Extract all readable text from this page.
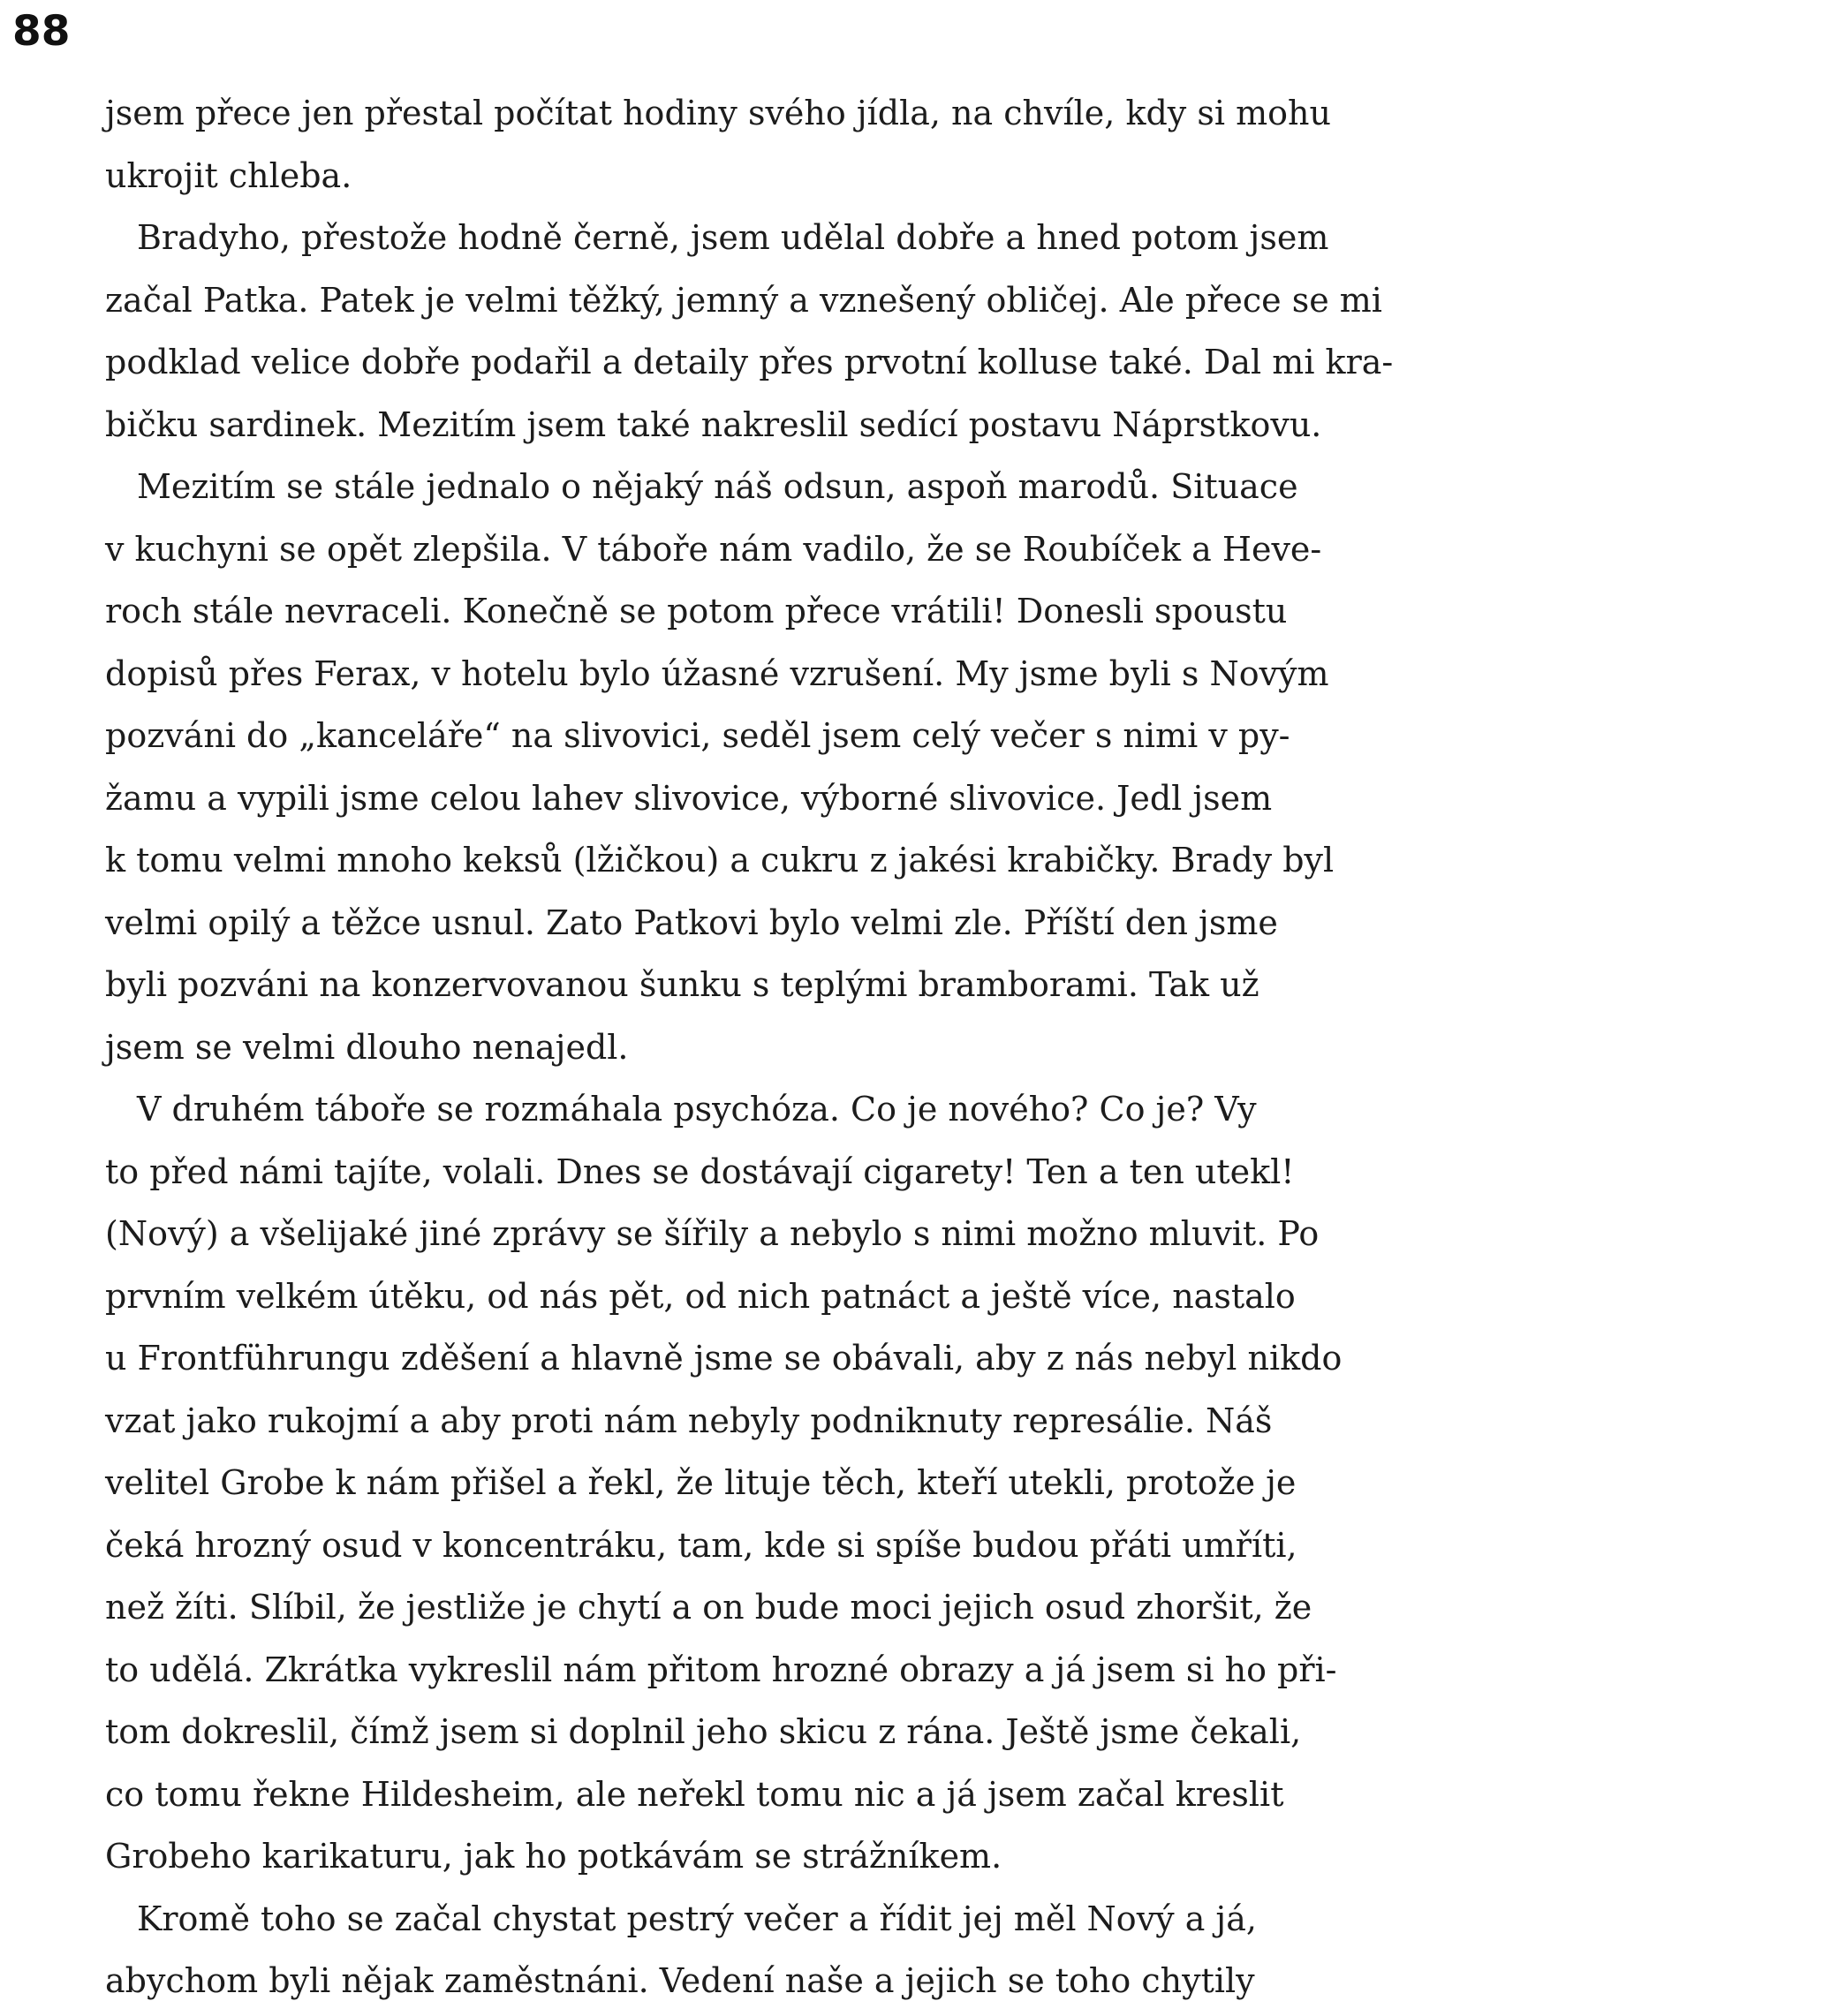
88
jsem přece jen přestal počítat hodiny svého jídla, na chvíle, kdy si mohu
ukrojit chleba.
Bradyho, přestože hodně černě, jsem udělal dobře a hned potom jsem
začal Patka. Patek je velmi těžký, jemný a vznešený obličej. Ale přece se mi
podklad velice dobře podařil a detaily přes prvotní kolluse také. Dal mi kra-
bičku sardinek. Mezitím jsem také nakreslil sedící postavu Náprstkovu.
Mezitím se stále jednalo o nějaký náš odsun, aspoň marodů. Situace
v kuchyni se opět zlepšila. V táboře nám vadilo, že se Roubíček a Heve-
roch stále nevraceli. Konečně se potom přece vrátili! Donesli spoustu
dopisů přes Ferax, v hotelu bylo úžasné vzrušení. My jsme byli s Novým
pozváni do „kanceláře“ na slivovici, seděl jsem celý večer s nimi v py-
žamu a vypili jsme celou lahev slivovice, výborné slivovice. Jedl jsem
k tomu velmi mnoho keksů (lžičkou) a cukru z jakési krabičky. Brady byl
velmi opilý a těžce usnul. Zato Patkovi bylo velmi zle. Příští den jsme
byli pozváni na konzervovanou šunku s teplými bramborami. Tak už
jsem se velmi dlouho nenajedl.
V druhém táboře se rozmáhala psychóza. Co je nového? Co je? Vy
to před námi tajíte, volali. Dnes se dostávají cigarety! Ten a ten utekl!
(Nový) a všelijaké jiné zprávy se šířily a nebylo s nimi možno mluvit. Po
prvním velkém útěku, od nás pět, od nich patnáct a ještě více, nastalo
u Frontführungu zděšení a hlavně jsme se obávali, aby z nás nebyl nikdo
vzat jako rukojmí a aby proti nám nebyly podniknuty represálie. Náš
velitel Grobe k nám přišel a řekl, že lituje těch, kteří utekli, protože je
čeká hrozný osud v koncentráku, tam, kde si spíše budou přáti umříti,
než žíti. Slíbil, že jestliže je chytí a on bude moci jejich osud zhoršit, že
to udělá. Zkrátka vykreslil nám přitom hrozné obrazy a já jsem si ho při-
tom dokreslil, čímž jsem si doplnil jeho skicu z rána. Ještě jsme čekali,
co tomu řekne Hildesheim, ale neřekl tomu nic a já jsem začal kreslit
Grobeho karikaturu, jak ho potkávám se strážníkem.
Kromě toho se začal chystat pestrý večer a řídit jej měl Nový a já,
abychom byli nějak zaměstnáni. Vedení naše a jejich se toho chytily
